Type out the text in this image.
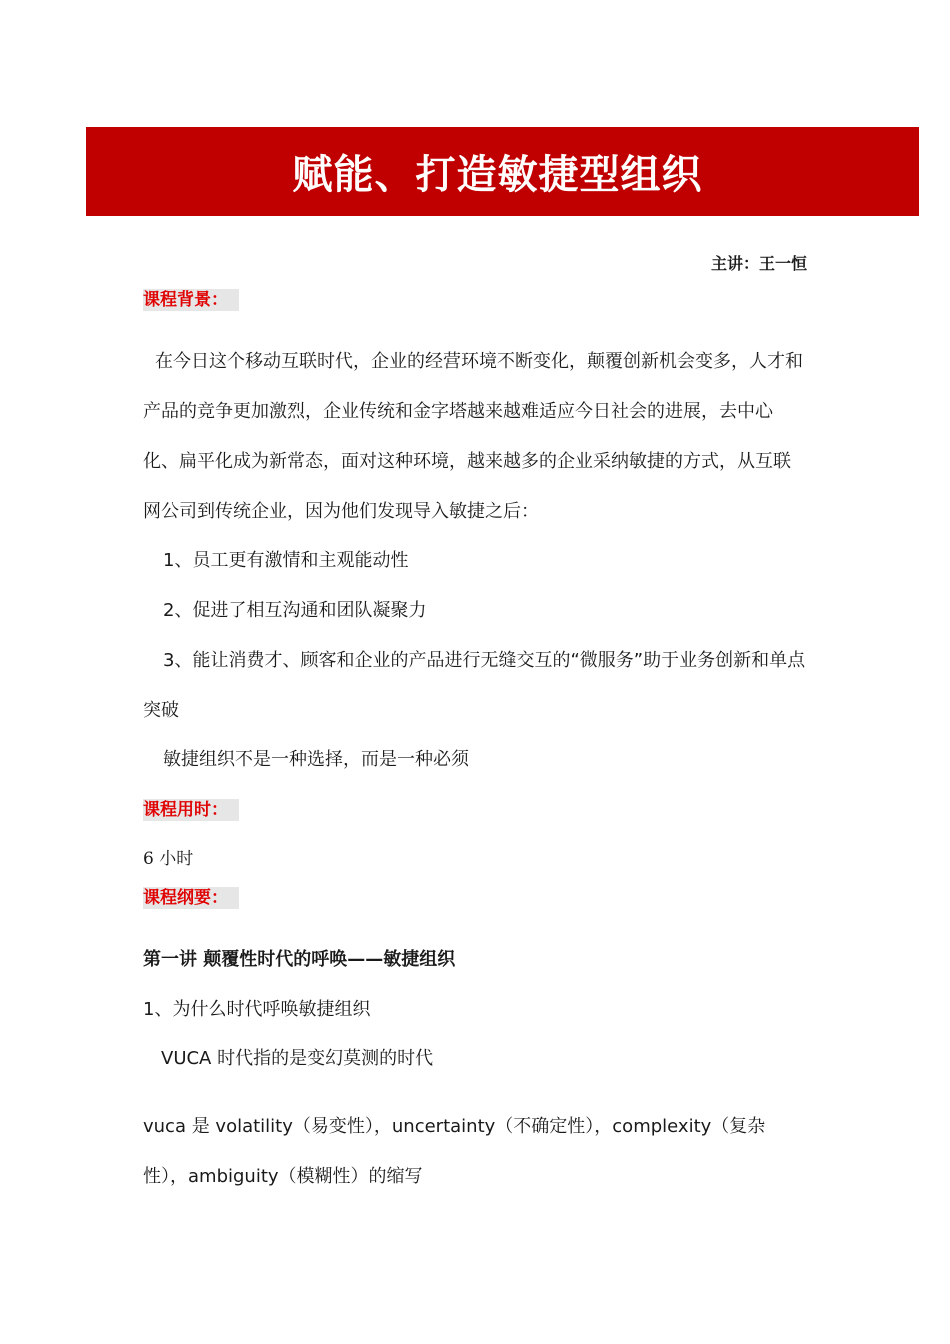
赋能、打造敏捷型组织
主讲：王一恒
课程背景：

在今日这个移动互联时代，企业的经营环境不断变化，颠覆创新机会变多，人才和产品的竞争更加激烈，企业传统和金字塔越来越难适应今日社会的进展，去中心化、扁平化成为新常态，面对这种环境，越来越多的企业采纳敏捷的方式，从互联网公司到传统企业，因为他们发现导入敏捷之后：

1、员工更有激情和主观能动性

2、促进了相互沟通和团队凝聚力

3、能让消费才、顾客和企业的产品进行无缝交互的“微服务”助于业务创新和单点突破

敏捷组织不是一种选择，而是一种必须

课程用时：

6 小时

课程纲要：

第一讲 颠覆性时代的呼唤——敏捷组织

1、为什么时代呼唤敏捷组织

VUCA 时代指的是变幻莫测的时代

vuca 是 volatility（易变性），uncertainty（不确定性），complexity（复杂性），ambiguity（模糊性）的缩写
